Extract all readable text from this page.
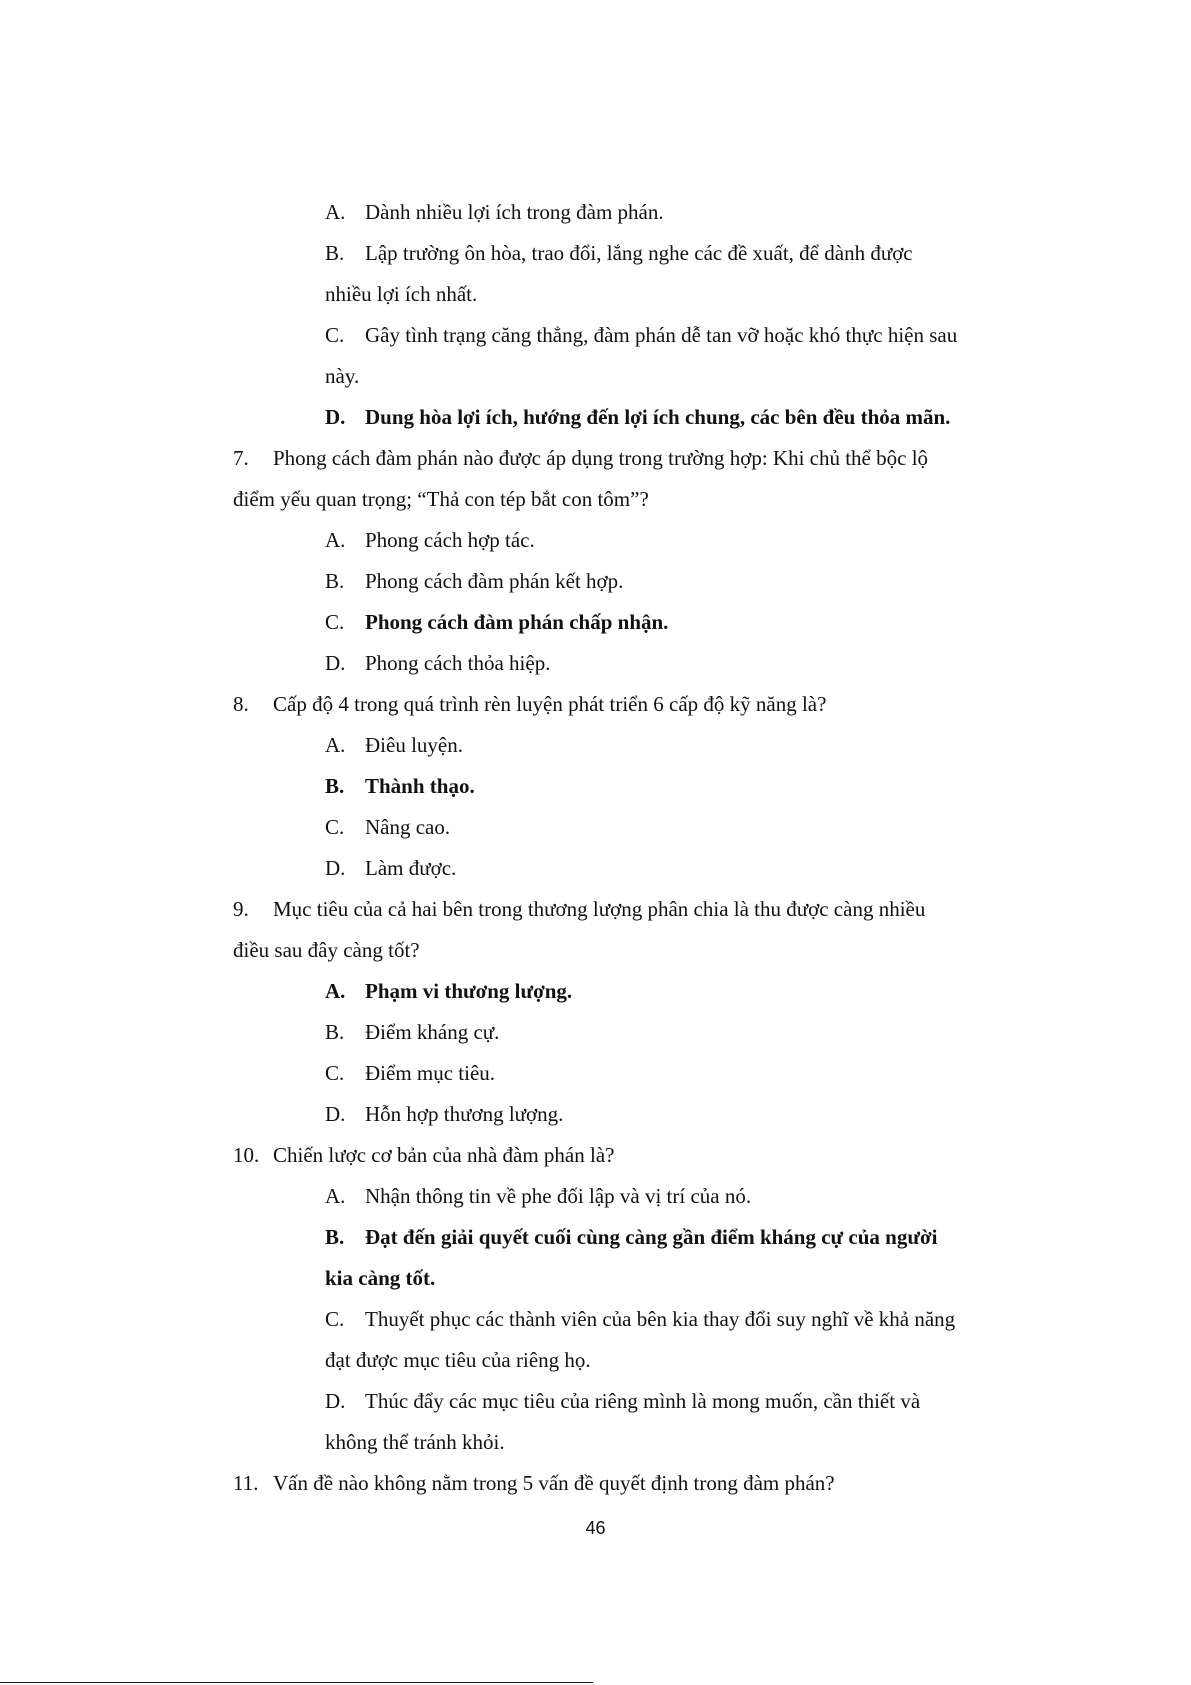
A. Dành nhiều lợi ích trong đàm phán.
B. Lập trường ôn hòa, trao đổi, lắng nghe các đề xuất, để dành được
nhiều lợi ích nhất.
C. Gây tình trạng căng thẳng, đàm phán dễ tan vỡ hoặc khó thực hiện sau
này.
D. Dung hòa lợi ích, hướng đến lợi ích chung, các bên đều thỏa mãn.
7. Phong cách đàm phán nào được áp dụng trong trường hợp: Khi chủ thể bộc lộ
điểm yếu quan trọng; “Thả con tép bắt con tôm”?
A. Phong cách hợp tác.
B. Phong cách đàm phán kết hợp.
C. Phong cách đàm phán chấp nhận.
D. Phong cách thỏa hiệp.
8. Cấp độ 4 trong quá trình rèn luyện phát triển 6 cấp độ kỹ năng là?
A. Điêu luyện.
B. Thành thạo.
C. Nâng cao.
D. Làm được.
9. Mục tiêu của cả hai bên trong thương lượng phân chia là thu được càng nhiều
điều sau đây càng tốt?
A. Phạm vi thương lượng.
B. Điểm kháng cự.
C. Điểm mục tiêu.
D. Hỗn hợp thương lượng.
10. Chiến lược cơ bản của nhà đàm phán là?
A. Nhận thông tin về phe đối lập và vị trí của nó.
B. Đạt đến giải quyết cuối cùng càng gần điểm kháng cự của người
kia càng tốt.
C. Thuyết phục các thành viên của bên kia thay đổi suy nghĩ về khả năng
đạt được mục tiêu của riêng họ.
D. Thúc đẩy các mục tiêu của riêng mình là mong muốn, cần thiết và
không thể tránh khỏi.
11. Vấn đề nào không nằm trong 5 vấn đề quyết định trong đàm phán?
46
